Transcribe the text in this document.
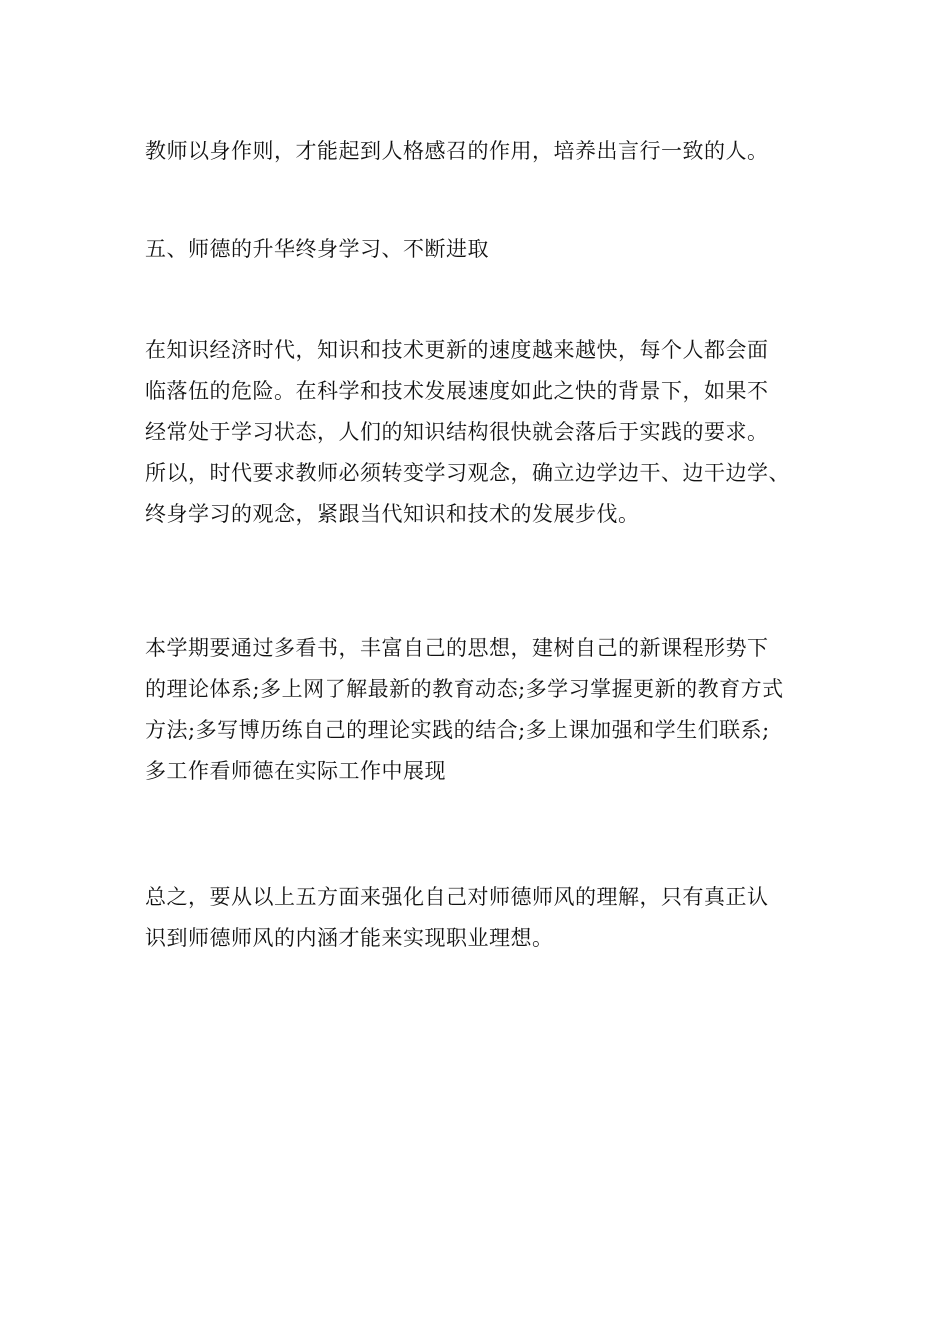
教师以身作则，才能起到人格感召的作用，培养出言行一致的人。

五、师德的升华终身学习、不断进取

在知识经济时代，知识和技术更新的速度越来越快，每个人都会面
临落伍的危险。在科学和技术发展速度如此之快的背景下，如果不
经常处于学习状态，人们的知识结构很快就会落后于实践的要求。
所以，时代要求教师必须转变学习观念，确立边学边干、边干边学、
终身学习的观念，紧跟当代知识和技术的发展步伐。

本学期要通过多看书，丰富自己的思想，建树自己的新课程形势下
的理论体系;多上网了解最新的教育动态;多学习掌握更新的教育方式
方法;多写博历练自己的理论实践的结合;多上课加强和学生们联系;
多工作看师德在实际工作中展现

总之，要从以上五方面来强化自己对师德师风的理解，只有真正认
识到师德师风的内涵才能来实现职业理想。
